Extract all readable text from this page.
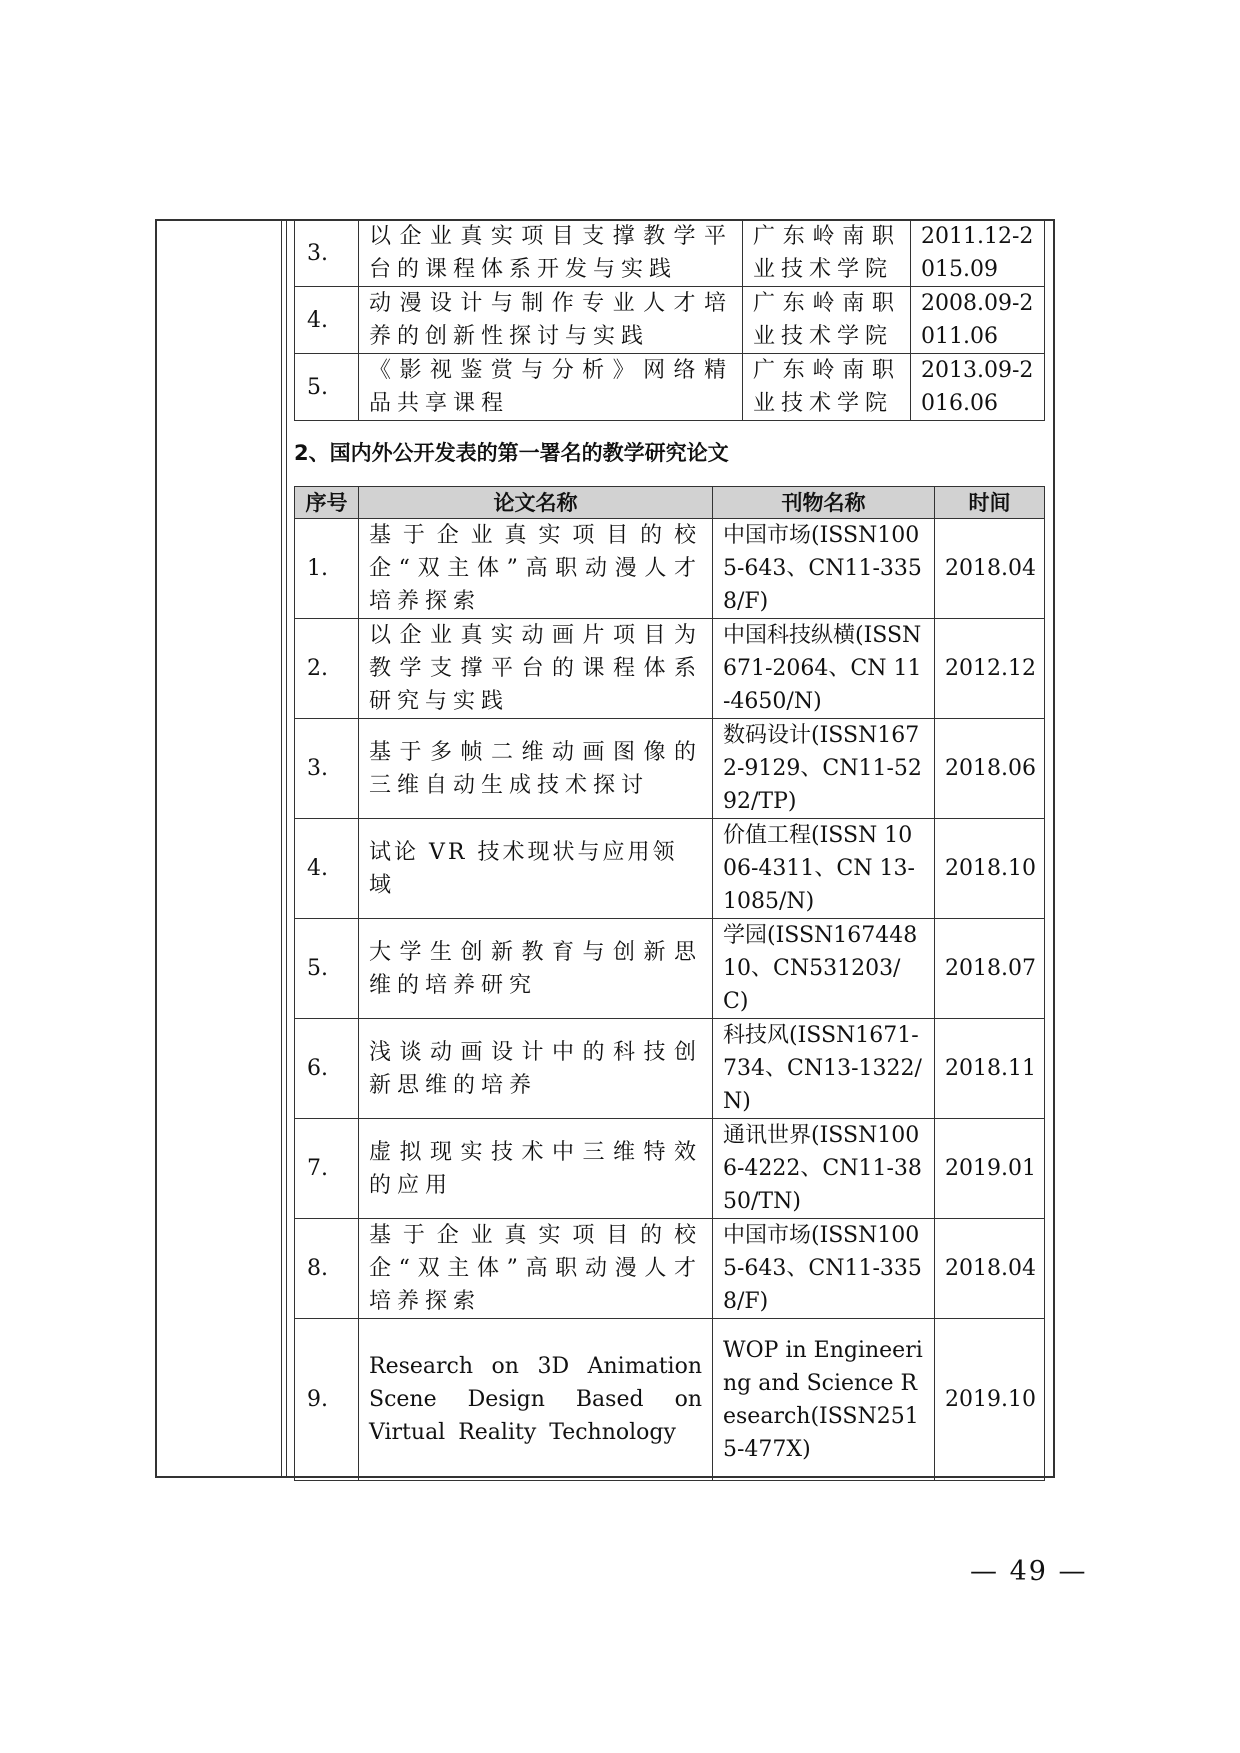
3.	以企业真实项目支撑教学平台的课程体系开发与实践	广东岭南职业技术学院	2011.12-2015.09
4.	动漫设计与制作专业人才培养的创新性探讨与实践	广东岭南职业技术学院	2008.09-2011.06
5.	《影视鉴赏与分析》网络精品共享课程	广东岭南职业技术学院	2013.09-2016.06
2、国内外公开发表的第一署名的教学研究论文
序号	论文名称	刊物名称	时间
1.	基于企业真实项目的校企“双主体”高职动漫人才培养探索	中国市场(ISSN1005-643、CN11-3358/F)	2018.04
2.	以企业真实动画片项目为教学支撑平台的课程体系研究与实践	中国科技纵横(ISSN671-2064、CN 11-4650/N)	2012.12
3.	基于多帧二维动画图像的三维自动生成技术探讨	数码设计(ISSN1672-9129、CN11-5292/TP)	2018.06
4.	试论 VR 技术现状与应用领域	价值工程(ISSN 1006-4311、CN 13-1085/N)	2018.10
5.	大学生创新教育与创新思维的培养研究	学园(ISSN16744810、CN531203/C)	2018.07
6.	浅谈动画设计中的科技创新思维的培养	科技风(ISSN1671-734、CN13-1322/N)	2018.11
7.	虚拟现实技术中三维特效的应用	通讯世界(ISSN1006-4222、CN11-3850/TN)	2019.01
8.	基于企业真实项目的校企“双主体”高职动漫人才培养探索	中国市场(ISSN1005-643、CN11-3358/F)	2018.04
9.	Research on 3D Animation Scene Design Based on Virtual Reality Technology	WOP in Engineering and Science Research(ISSN2515-477X)	2019.10
— 49 —
